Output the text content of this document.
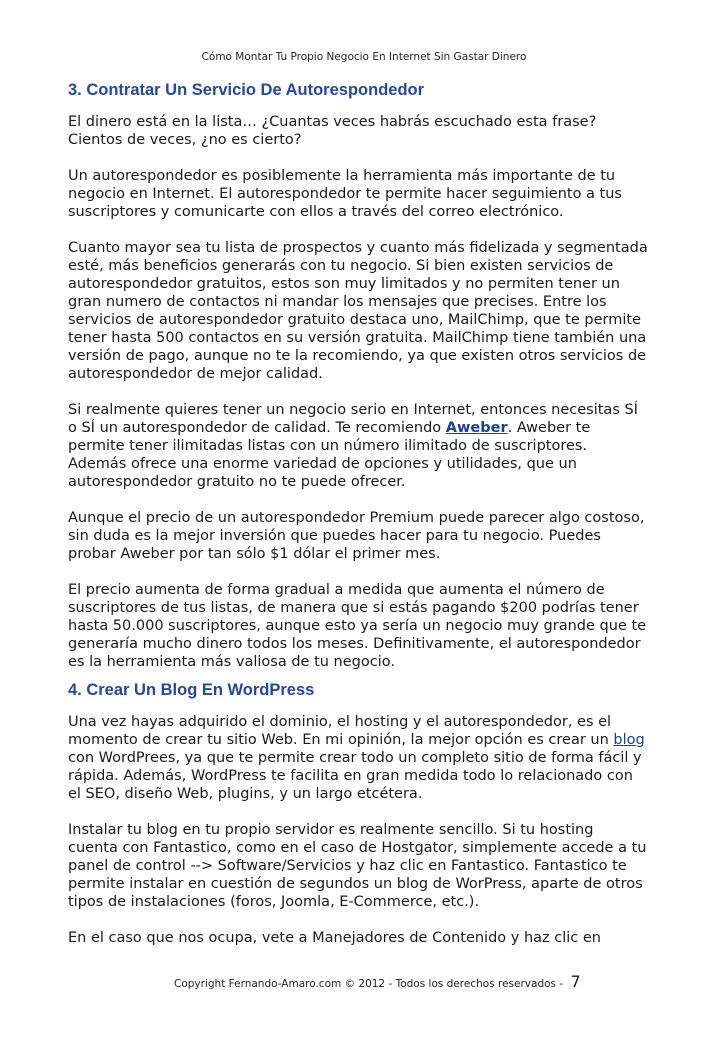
Cómo Montar Tu Propio Negocio En Internet Sin Gastar Dinero
3. Contratar Un Servicio De Autorespondedor

El dinero está en la lista… ¿Cuantas veces habrás escuchado esta frase?
Cientos de veces, ¿no es cierto?

Un autorespondedor es posiblemente la herramienta más importante de tu
negocio en Internet. El autorespondedor te permite hacer seguimiento a tus
suscriptores y comunicarte con ellos a través del correo electrónico.

Cuanto mayor sea tu lista de prospectos y cuanto más fidelizada y segmentada
esté, más beneficios generarás con tu negocio. Si bien existen servicios de
autorespondedor gratuitos, estos son muy limitados y no permiten tener un
gran numero de contactos ni mandar los mensajes que precises. Entre los
servicios de autorespondedor gratuito destaca uno, MailChimp, que te permite
tener hasta 500 contactos en su versión gratuita. MailChimp tiene también una
versión de pago, aunque no te la recomiendo, ya que existen otros servicios de
autorespondedor de mejor calidad.

Si realmente quieres tener un negocio serio en Internet, entonces necesitas SÍ
o SÍ un autorespondedor de calidad. Te recomiendo Aweber. Aweber te
permite tener ilimitadas listas con un número ilimitado de suscriptores.
Además ofrece una enorme variedad de opciones y utilidades, que un
autorespondedor gratuito no te puede ofrecer.

Aunque el precio de un autorespondedor Premium puede parecer algo costoso,
sin duda es la mejor inversión que puedes hacer para tu negocio. Puedes
probar Aweber por tan sólo $1 dólar el primer mes.

El precio aumenta de forma gradual a medida que aumenta el número de
suscriptores de tus listas, de manera que si estás pagando $200 podrías tener
hasta 50.000 suscriptores, aunque esto ya sería un negocio muy grande que te
generaría mucho dinero todos los meses. Definitivamente, el autorespondedor
es la herramienta más valiosa de tu negocio.

4. Crear Un Blog En WordPress

Una vez hayas adquirido el dominio, el hosting y el autorespondedor, es el
momento de crear tu sitio Web. En mi opinión, la mejor opción es crear un blog
con WordPrees, ya que te permite crear todo un completo sitio de forma fácil y
rápida. Además, WordPress te facilita en gran medida todo lo relacionado con
el SEO, diseño Web, plugins, y un largo etcétera.

Instalar tu blog en tu propio servidor es realmente sencillo. Si tu hosting
cuenta con Fantastico, como en el caso de Hostgator, simplemente accede a tu
panel de control --> Software/Servicios y haz clic en Fantastico. Fantastico te
permite instalar en cuestión de segundos un blog de WorPress, aparte de otros
tipos de instalaciones (foros, Joomla, E-Commerce, etc.).

En el caso que nos ocupa, vete a Manejadores de Contenido y haz clic en

Copyright Fernando-Amaro.com © 2012 - Todos los derechos reservados - 7
